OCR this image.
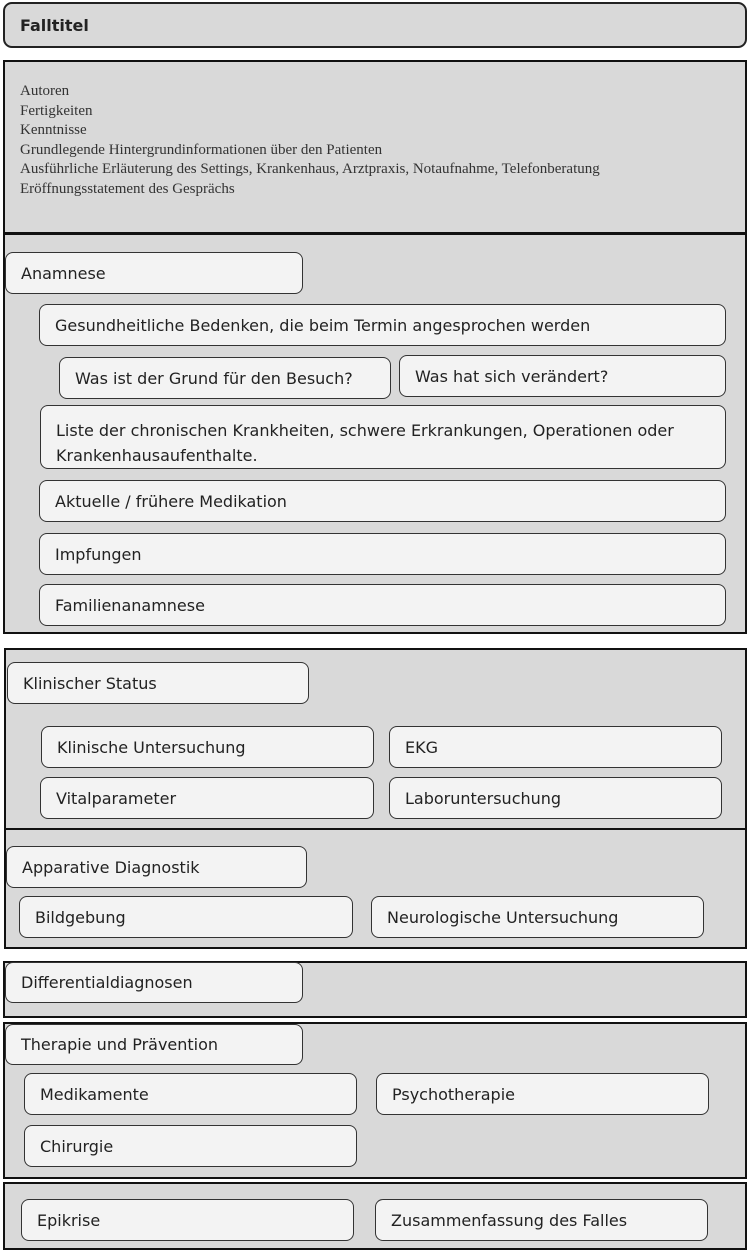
Falltitel
Autoren
Fertigkeiten
Kenntnisse
Grundlegende Hintergrundinformationen über den Patienten
Ausführliche Erläuterung des Settings, Krankenhaus, Arztpraxis, Notaufnahme, Telefonberatung
Eröffnungsstatement des Gesprächs
Anamnese
Gesundheitliche Bedenken, die beim Termin angesprochen werden
Was ist der Grund für den Besuch?	Was hat sich verändert?
Liste der chronischen Krankheiten, schwere Erkrankungen, Operationen oder
Krankenhausaufenthalte.
Aktuelle / frühere Medikation
Impfungen
Familienanamnese
Klinischer Status
Klinische Untersuchung	EKG
Vitalparameter	Laboruntersuchung
Apparative Diagnostik
Bildgebung	Neurologische Untersuchung
Differentialdiagnosen
Therapie und Prävention
Medikamente	Psychotherapie
Chirurgie
Epikrise	Zusammenfassung des Falles
